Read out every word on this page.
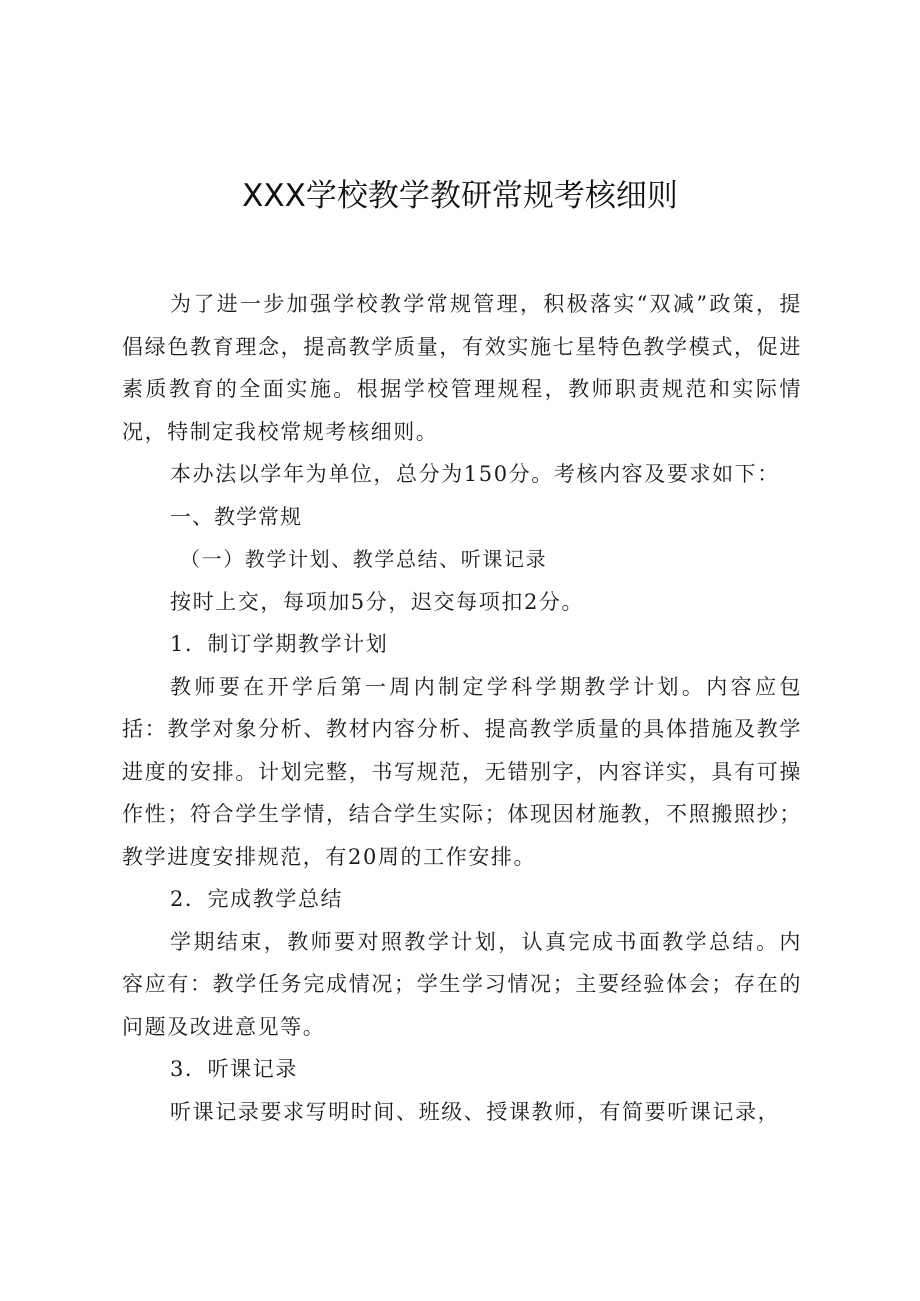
XXX学校教学教研常规考核细则

为了进一步加强学校教学常规管理，积极落实“双减”政策，提倡绿色教育理念，提高教学质量，有效实施七星特色教学模式，促进素质教育的全面实施。根据学校管理规程，教师职责规范和实际情况，特制定我校常规考核细则。

本办法以学年为单位，总分为150分。考核内容及要求如下：

一、教学常规

（一）教学计划、教学总结、听课记录

按时上交，每项加5分，迟交每项扣2分。

1．制订学期教学计划

教师要在开学后第一周内制定学科学期教学计划。内容应包括：教学对象分析、教材内容分析、提高教学质量的具体措施及教学进度的安排。计划完整，书写规范，无错别字，内容详实，具有可操作性；符合学生学情，结合学生实际；体现因材施教，不照搬照抄；教学进度安排规范，有20周的工作安排。

2．完成教学总结

学期结束，教师要对照教学计划，认真完成书面教学总结。内容应有：教学任务完成情况；学生学习情况；主要经验体会；存在的问题及改进意见等。

3．听课记录

听课记录要求写明时间、班级、授课教师，有简要听课记录，
